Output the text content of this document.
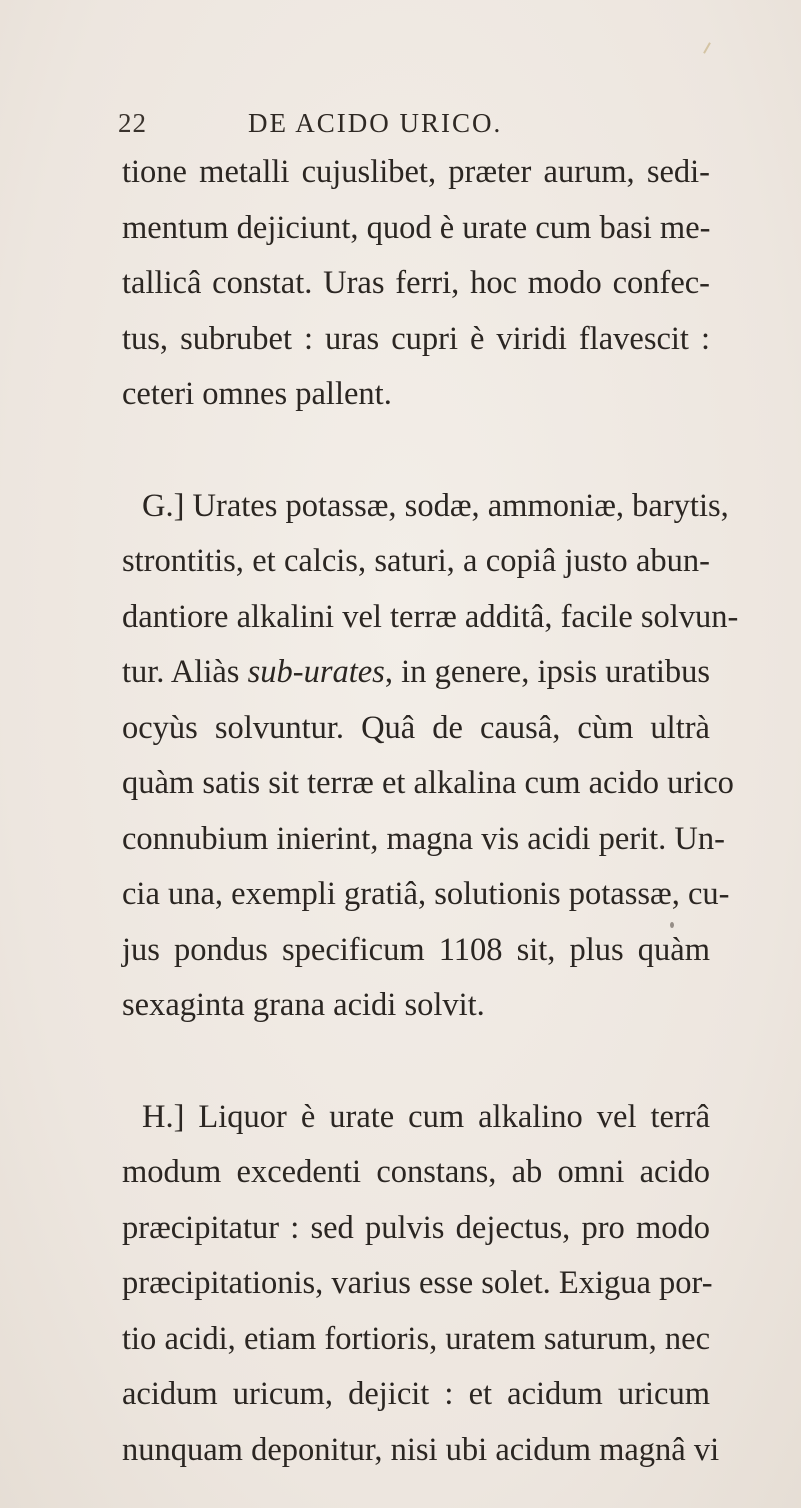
22	DE ACIDO URICO.
tione metalli cujuslibet, præter aurum, sedi-
mentum dejiciunt, quod è urate cum basi me-
tallicâ constat. Uras ferri, hoc modo confec-
tus, subrubet : uras cupri è viridi flavescit :
ceteri omnes pallent.
G.] Urates potassæ, sodæ, ammoniæ, barytis,
strontitis, et calcis, saturi, a copiâ justo abun-
dantiore alkalini vel terræ additâ, facile solvun-
tur. Aliàs sub-urates, in genere, ipsis uratibus
ocyùs solvuntur. Quâ de causâ, cùm ultrà
quàm satis sit terræ et alkalina cum acido urico
connubium inierint, magna vis acidi perit. Un-
cia una, exempli gratiâ, solutionis potassæ, cu-
jus pondus specificum 1108 sit, plus quàm
sexaginta grana acidi solvit.
H.] Liquor è urate cum alkalino vel terrâ
modum excedenti constans, ab omni acido
præcipitatur : sed pulvis dejectus, pro modo
præcipitationis, varius esse solet. Exigua por-
tio acidi, etiam fortioris, uratem saturum, nec
acidum uricum, dejicit : et acidum uricum
nunquam deponitur, nisi ubi acidum magnâ vi
